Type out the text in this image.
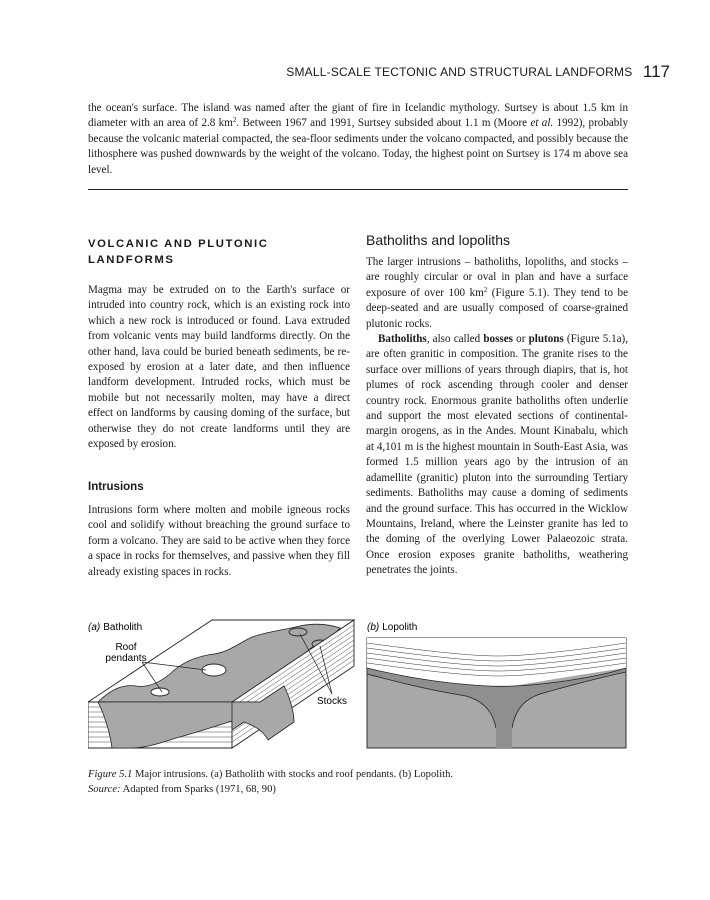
SMALL-SCALE TECTONIC AND STRUCTURAL LANDFORMS 117

the ocean's surface. The island was named after the giant of fire in Icelandic mythology. Surtsey is about 1.5 km in diameter with an area of 2.8 $km^2$. Between 1967 and 1991, Surtsey subsided about 1.1 m (Moore et al. 1992), probably because the volcanic material compacted, the sea-floor sediments under the volcano compacted, and possibly because the lithosphere was pushed downwards by the weight of the volcano. Today, the highest point on Surtsey is 174 m above sea level.

VOLCANIC AND PLUTONIC LANDFORMS

Magma may be extruded on to the Earth's surface or intruded into country rock, which is an existing rock into which a new rock is introduced or found. Lava extruded from volcanic vents may build landforms directly. On the other hand, lava could be buried beneath sediments, be re-exposed by erosion at a later date, and then influence landform development. Intruded rocks, which must be mobile but not necessarily molten, may have a direct effect on landforms by causing doming of the surface, but otherwise they do not create landforms until they are exposed by erosion.

Intrusions

Intrusions form where molten and mobile igneous rocks cool and solidify without breaching the ground surface to form a volcano. They are said to be active when they force a space in rocks for themselves, and passive when they fill already existing spaces in rocks.

Batholiths and lopoliths

The larger intrusions – batholiths, lopoliths, and stocks – are roughly circular or oval in plan and have a surface exposure of over 100 $km^2$ (Figure 5.1). They tend to be deep-seated and are usually composed of coarse-grained plutonic rocks.

Batholiths, also called bosses or plutons (Figure 5.1a), are often granitic in composition. The granite rises to the surface over millions of years through diapirs, that is, hot plumes of rock ascending through cooler and denser country rock. Enormous granite batholiths often underlie and support the most elevated sections of continental-margin orogens, as in the Andes. Mount Kinabalu, which at 4,101 m is the highest mountain in South-East Asia, was formed 1.5 million years ago by the intrusion of an adamellite (granitic) pluton into the surrounding Tertiary sediments. Batholiths may cause a doming of sediments and the ground surface. This has occurred in the Wicklow Mountains, Ireland, where the Leinster granite has led to the doming of the overlying Lower Palaeozoic strata. Once erosion exposes granite batholiths, weathering penetrates the joints.

(a) Batholith
Roof
pendants
Stocks
(b) Lopolith
Figure 5.1 Major intrusions. (a) Batholith with stocks and roof pendants. (b) Lopolith.
Source: Adapted from Sparks (1971, 68, 90)
